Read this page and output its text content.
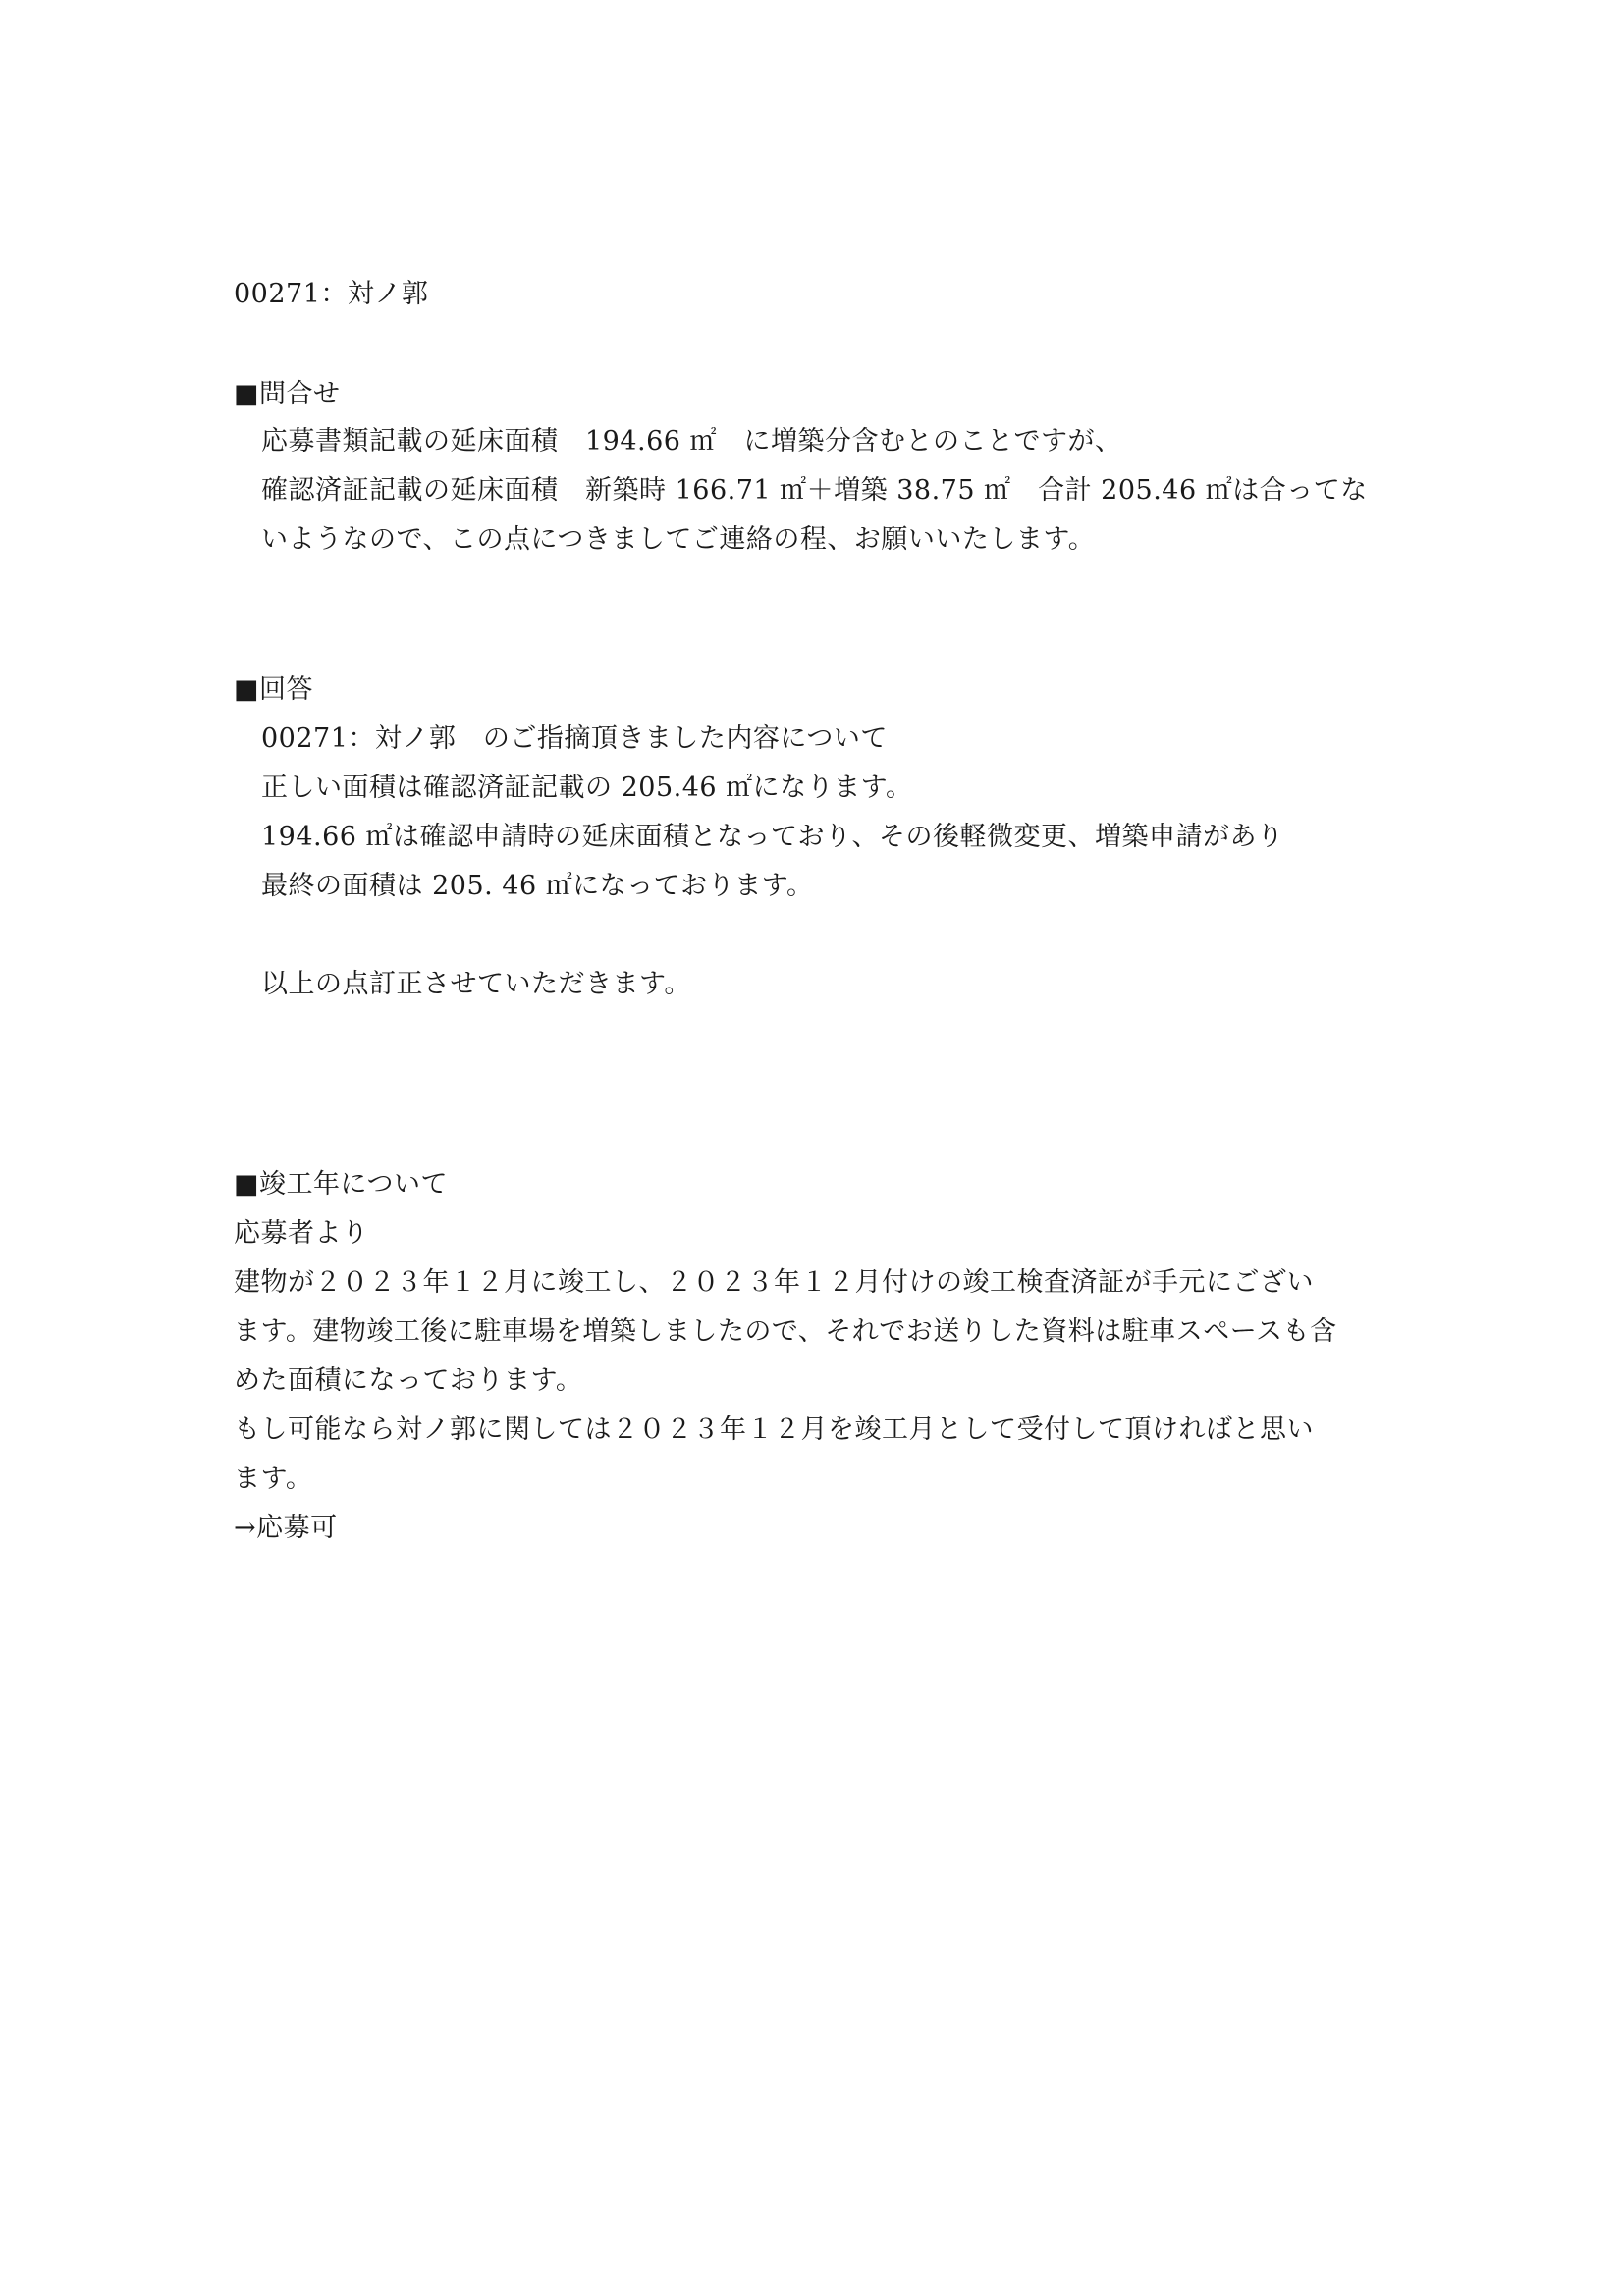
00271：対ノ郭
■問合せ
応募書類記載の延床面積　194.66 ㎡　に増築分含むとのことですが、
確認済証記載の延床面積　新築時 166.71 ㎡＋増築 38.75 ㎡　合計 205.46 ㎡は合ってな
いようなので、この点につきましてご連絡の程、お願いいたします。
■回答
00271：対ノ郭　のご指摘頂きました内容について
正しい面積は確認済証記載の 205.46 ㎡になります。
194.66 ㎡は確認申請時の延床面積となっており、その後軽微変更、増築申請があり
最終の面積は 205. 46 ㎡になっております。
以上の点訂正させていただきます。
■竣工年について
応募者より
建物が２０２３年１２月に竣工し、２０２３年１２月付けの竣工検査済証が手元にござい
ます。建物竣工後に駐車場を増築しましたので、それでお送りした資料は駐車スペースも含
めた面積になっております。
もし可能なら対ノ郭に関しては２０２３年１２月を竣工月として受付して頂ければと思い
ます。
→応募可
